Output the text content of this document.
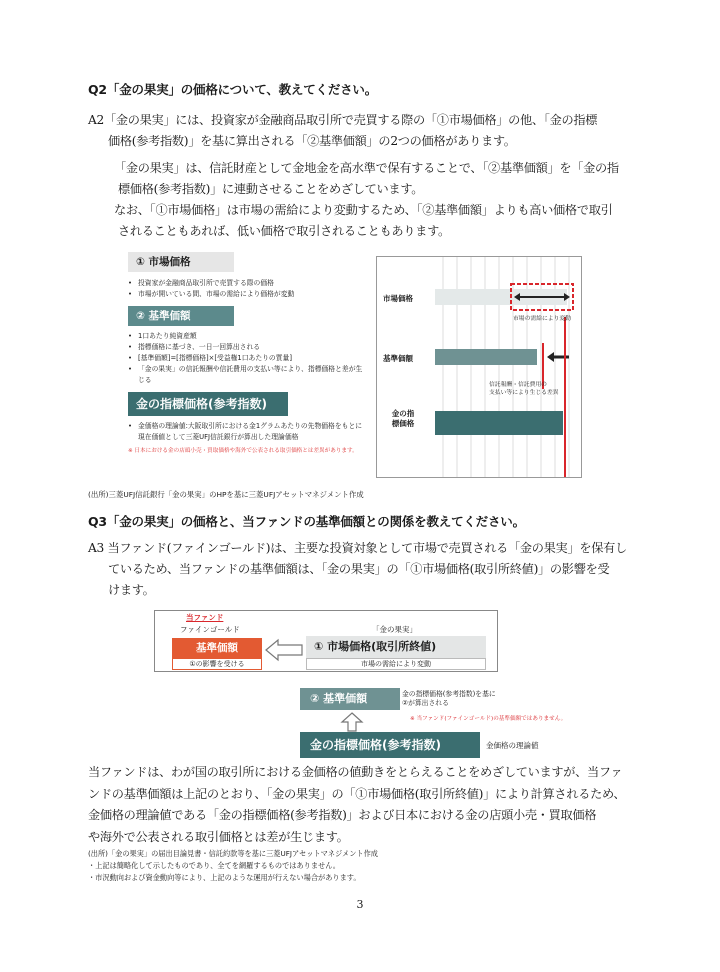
Q2「金の果実」の価格について、教えてください。
A2「金の果実」には、投資家が金融商品取引所で売買する際の「①市場価格」の他、「金の指標
価格(参考指数)」を基に算出される「②基準価額」の2つの価格があります。
「金の果実」は、信託財産として金地金を高水準で保有することで、「②基準価額」を「金の指
標価格(参考指数)」に連動させることをめざしています。
なお、「①市場価格」は市場の需給により変動するため、「②基準価額」よりも高い価格で取引
されることもあれば、低い価格で取引されることもあります。
① 市場価格
• 投資家が金融商品取引所で売買する際の価格
• 市場が開いている間、市場の需給により価格が変動
② 基準価額
• 1口あたり純資産額
• 指標価格に基づき、一日一回算出される
• [基準価額]=[指標価格]×[受益権1口あたりの質量]
• 「金の果実」の信託報酬や信託費用の支払い等により、指標価格と差が生じる
金の指標価格(参考指数)
• 金価格の理論値:大阪取引所における金1グラムあたりの先物価格をもとに現在価値として三菱UFJ信託銀行が算出した理論価格
※ 日本における金の店頭小売・買取価格や海外で公表される取引価格とは差異があります。
市場価格
市場の需給により変動
基準価額
信託報酬・信託費用の
支払い等により生じる差異
金の指標価格
(出所)三菱UFJ信託銀行「金の果実」のHPを基に三菱UFJアセットマネジメント作成
Q3「金の果実」の価格と、当ファンドの基準価額との関係を教えてください。
A3 当ファンド(ファインゴールド)は、主要な投資対象として市場で売買される「金の果実」を保有し
ているため、当ファンドの基準価額は、「金の果実」の「①市場価格(取引所終値)」の影響を受
けます。
当ファンド
ファインゴールド
基準価額
①の影響を受ける
「金の果実」
① 市場価格(取引所終値)
市場の需給により変動
② 基準価額	金の指標価格(参考指数)を基に
②が算出される
※ 当ファンド(ファインゴールド)の基準価額ではありません。
金の指標価格(参考指数)	金価格の理論値
当ファンドは、わが国の取引所における金価格の値動きをとらえることをめざしていますが、当ファ
ンドの基準価額は上記のとおり、「金の果実」の「①市場価格(取引所終値)」により計算されるため、
金価格の理論値である「金の指標価格(参考指数)」および日本における金の店頭小売・買取価格
や海外で公表される取引価格とは差が生じます。
(出所)「金の果実」の届出目論見書・信託約款等を基に三菱UFJアセットマネジメント作成
・上記は簡略化して示したものであり、全てを網羅するものではありません。
・市況動向および資金動向等により、上記のような運用が行えない場合があります。
3
